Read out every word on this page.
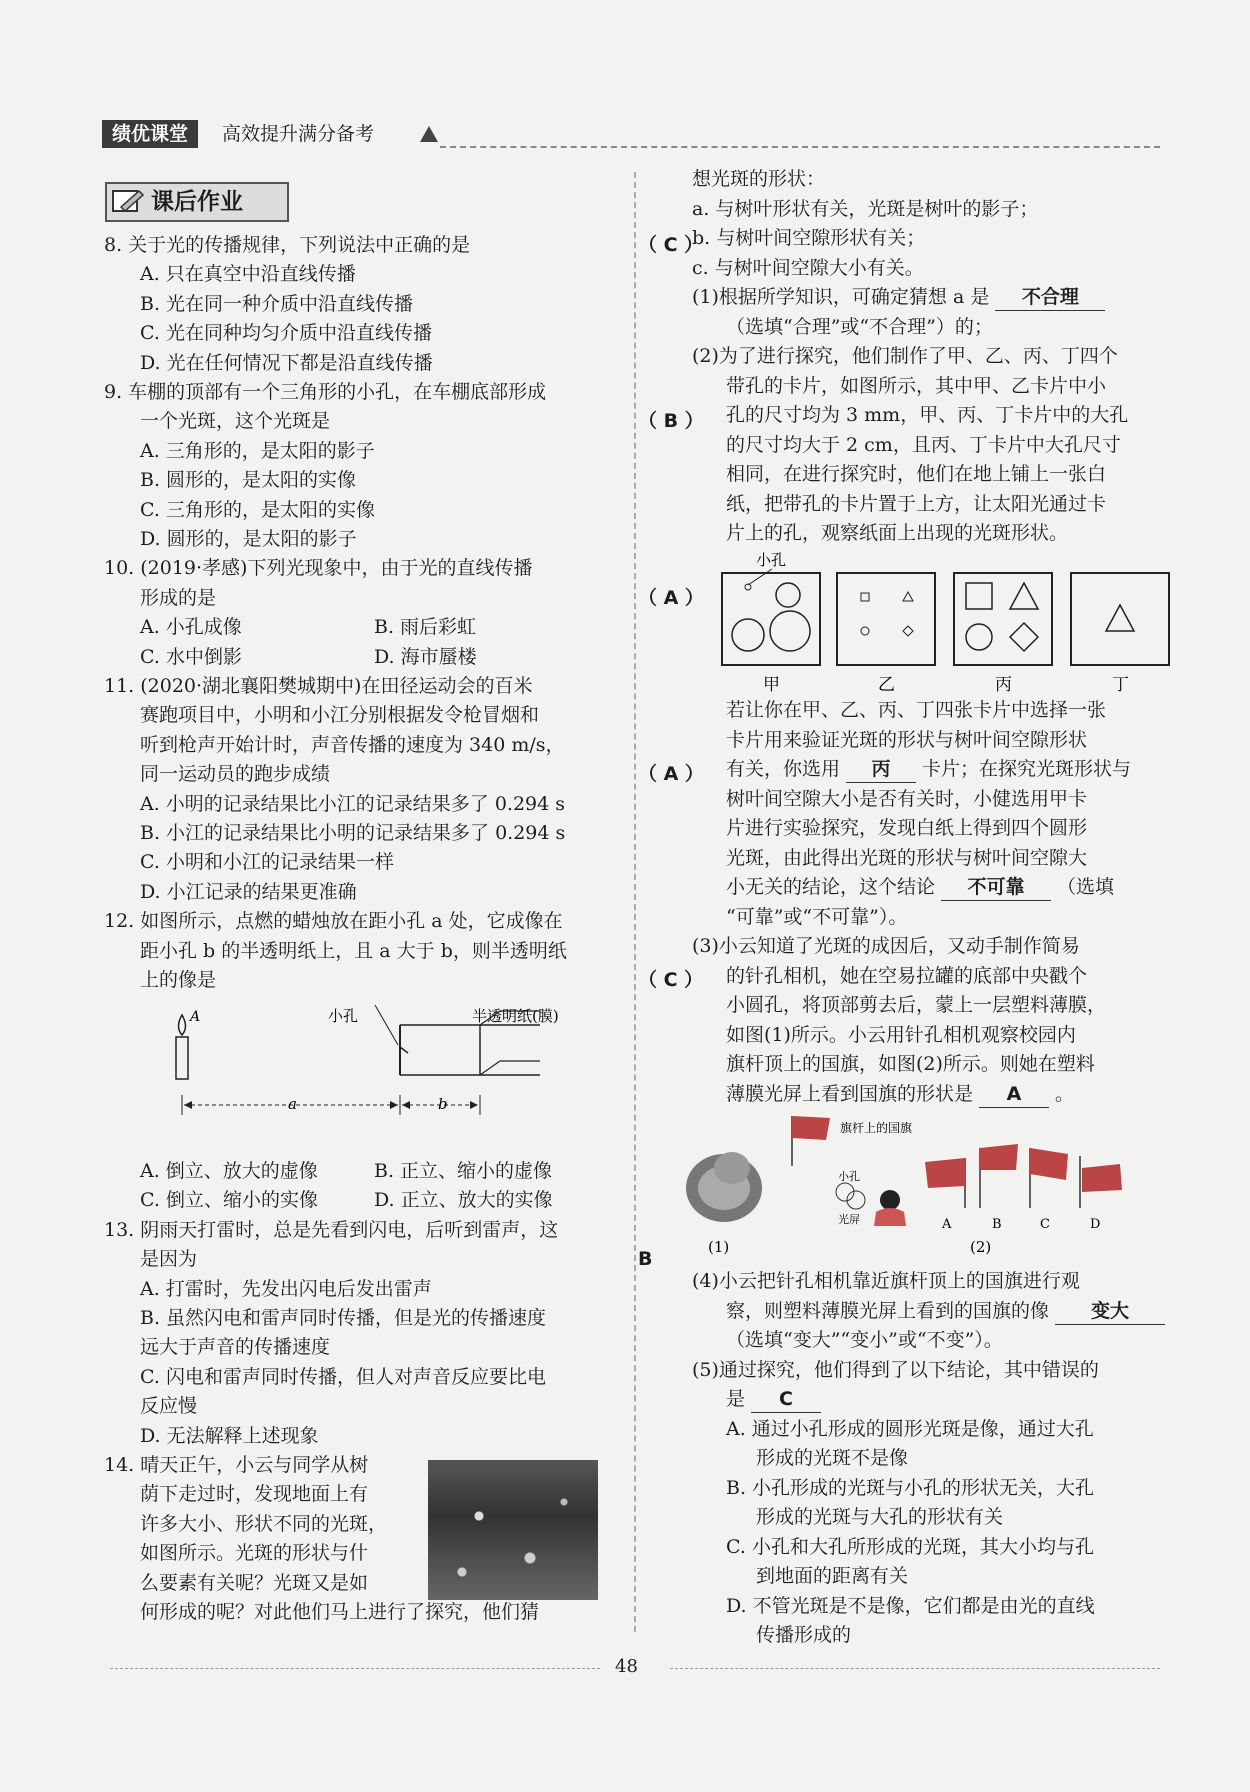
绩优课堂	高效提升满分备考
课后作业
8. 关于光的传播规律，下列说法中正确的是	（ C ）
A. 只在真空中沿直线传播
B. 光在同一种介质中沿直线传播
C. 光在同种均匀介质中沿直线传播
D. 光在任何情况下都是沿直线传播
9. 车棚的顶部有一个三角形的小孔，在车棚底部形成
一个光斑，这个光斑是	（ B ）
A. 三角形的，是太阳的影子
B. 圆形的，是太阳的实像
C. 三角形的，是太阳的实像
D. 圆形的，是太阳的影子
10. (2019·孝感)下列光现象中，由于光的直线传播
形成的是	（ A ）
A. 小孔成像	B. 雨后彩虹
C. 水中倒影	D. 海市蜃楼
11. (2020·湖北襄阳樊城期中)在田径运动会的百米
赛跑项目中，小明和小江分别根据发令枪冒烟和
听到枪声开始计时，声音传播的速度为 340 m/s，
同一运动员的跑步成绩	（ A ）
A. 小明的记录结果比小江的记录结果多了 0.294 s
B. 小江的记录结果比小明的记录结果多了 0.294 s
C. 小明和小江的记录结果一样
D. 小江记录的结果更准确
12. 如图所示，点燃的蜡烛放在距小孔 a 处，它成像在
距小孔 b 的半透明纸上，且 a 大于 b，则半透明纸
上的像是	（ C ）
A	小孔	半透明纸(膜)
a	b
A. 倒立、放大的虚像	B. 正立、缩小的虚像
C. 倒立、缩小的实像	D. 正立、放大的实像
13. 阴雨天打雷时，总是先看到闪电，后听到雷声，这
是因为	B
A. 打雷时，先发出闪电后发出雷声
B. 虽然闪电和雷声同时传播，但是光的传播速度
远大于声音的传播速度
C. 闪电和雷声同时传播，但人对声音反应要比电
反应慢
D. 无法解释上述现象
14. 晴天正午，小云与同学从树
荫下走过时，发现地面上有
许多大小、形状不同的光斑，
如图所示。光斑的形状与什
么要素有关呢？光斑又是如
何形成的呢？对此他们马上进行了探究，他们猜
想光斑的形状：
a. 与树叶形状有关，光斑是树叶的影子；
b. 与树叶间空隙形状有关；
c. 与树叶间空隙大小有关。
(1)根据所学知识，可确定猜想 a 是 不合理
（选填“合理”或“不合理”）的；
(2)为了进行探究，他们制作了甲、乙、丙、丁四个
带孔的卡片，如图所示，其中甲、乙卡片中小
孔的尺寸均为 3 mm，甲、丙、丁卡片中的大孔
的尺寸均大于 2 cm，且丙、丁卡片中大孔尺寸
相同，在进行探究时，他们在地上铺上一张白
纸，把带孔的卡片置于上方，让太阳光通过卡
片上的孔，观察纸面上出现的光斑形状。
小孔
甲	乙	丙	丁
若让你在甲、乙、丙、丁四张卡片中选择一张
卡片用来验证光斑的形状与树叶间空隙形状
有关，你选用 丙 卡片；在探究光斑形状与
树叶间空隙大小是否有关时，小健选用甲卡
片进行实验探究，发现白纸上得到四个圆形
光斑，由此得出光斑的形状与树叶间空隙大
小无关的结论，这个结论 不可靠 （选填
“可靠”或“不可靠”）。
(3)小云知道了光斑的成因后，又动手制作简易
的针孔相机，她在空易拉罐的底部中央戳个
小圆孔，将顶部剪去后，蒙上一层塑料薄膜，
如图(1)所示。小云用针孔相机观察校园内
旗杆顶上的国旗，如图(2)所示。则她在塑料
薄膜光屏上看到国旗的形状是 A 。
(1)
旗杆上的国旗
小孔
光屏	A	B	C	D
(2)
(4)小云把针孔相机靠近旗杆顶上的国旗进行观
察，则塑料薄膜光屏上看到的国旗的像 变大
（选填“变大”“变小”或“不变”）。
(5)通过探究，他们得到了以下结论，其中错误的
是 C
A. 通过小孔形成的圆形光斑是像，通过大孔
形成的光斑不是像
B. 小孔形成的光斑与小孔的形状无关，大孔
形成的光斑与大孔的形状有关
C. 小孔和大孔所形成的光斑，其大小均与孔
到地面的距离有关
D. 不管光斑是不是像，它们都是由光的直线
传播形成的
48
